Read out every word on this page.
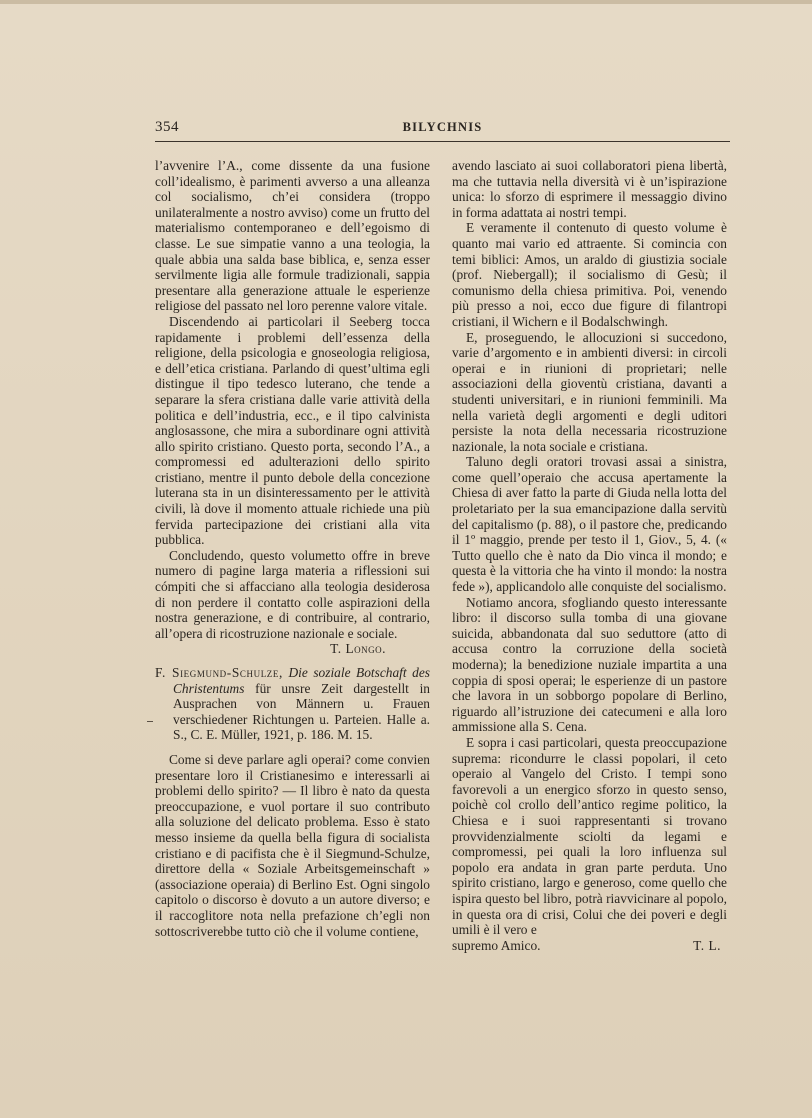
354	BILYCHNIS

l’avvenire l’A., come dissente da una fusione coll’idealismo, è parimenti avverso a una alleanza col socialismo, ch’ei considera (troppo unilateralmente a nostro avviso) come un frutto del materialismo contemporaneo e dell’egoismo di classe. Le sue simpatie vanno a una teologia, la quale abbia una salda base biblica, e, senza esser servilmente ligia alle formule tradizionali, sappia presentare alla generazione attuale le esperienze religiose del passato nel loro perenne valore vitale.

Discendendo ai particolari il Seeberg tocca rapidamente i problemi dell’essenza della religione, della psicologia e gnoseologia religiosa, e dell’etica cristiana. Parlando di quest’ultima egli distingue il tipo tedesco luterano, che tende a separare la sfera cristiana dalle varie attività della politica e dell’industria, ecc., e il tipo calvinista anglosassone, che mira a subordinare ogni attività allo spirito cristiano. Questo porta, secondo l’A., a compromessi ed adulterazioni dello spirito cristiano, mentre il punto debole della concezione luterana sta in un disinteressamento per le attività civili, là dove il momento attuale richiede una più fervida partecipazione dei cristiani alla vita pubblica.

Concludendo, questo volumetto offre in breve numero di pagine larga materia a riflessioni sui cómpiti che si affacciano alla teologia desiderosa di non perdere il contatto colle aspirazioni della nostra generazione, e di contribuire, al contrario, all’opera di ricostruzione nazionale e sociale.

T. Longo.

F. Siegmund-Schulze, Die soziale Botschaft des Christentums für unsre Zeit dargestellt in Ausprachen von Männern u. Frauen verschiedener Richtungen u. Parteien. Halle a. S., C. E. Müller, 1921, p. 186. M. 15.

Come si deve parlare agli operai? come convien presentare loro il Cristianesimo e interessarli ai problemi dello spirito? — Il libro è nato da questa preoccupazione, e vuol portare il suo contributo alla soluzione del delicato problema. Esso è stato messo insieme da quella bella figura di socialista cristiano e di pacifista che è il Siegmund-Schulze, direttore della « Soziale Arbeitsgemeinschaft » (associazione operaia) di Berlino Est. Ogni singolo capitolo o discorso è dovuto a un autore diverso; e il raccoglitore nota nella prefazione ch’egli non sottoscriverebbe tutto ciò che il volume contiene,

avendo lasciato ai suoi collaboratori piena libertà, ma che tuttavia nella diversità vi è un’ispirazione unica: lo sforzo di esprimere il messaggio divino in forma adattata ai nostri tempi.

E veramente il contenuto di questo volume è quanto mai vario ed attraente. Si comincia con temi biblici: Amos, un araldo di giustizia sociale (prof. Niebergall); il socialismo di Gesù; il comunismo della chiesa primitiva. Poi, venendo più presso a noi, ecco due figure di filantropi cristiani, il Wichern e il Bodalschwingh.

E, proseguendo, le allocuzioni si succedono, varie d’argomento e in ambienti diversi: in circoli operai e in riunioni di proprietari; nelle associazioni della gioventù cristiana, davanti a studenti universitari, e in riunioni femminili. Ma nella varietà degli argomenti e degli uditori persiste la nota della necessaria ricostruzione nazionale, la nota sociale e cristiana.

Taluno degli oratori trovasi assai a sinistra, come quell’operaio che accusa apertamente la Chiesa di aver fatto la parte di Giuda nella lotta del proletariato per la sua emancipazione dalla servitù del capitalismo (p. 88), o il pastore che, predicando il 1º maggio, prende per testo il 1, Giov., 5, 4. (« Tutto quello che è nato da Dio vinca il mondo; e questa è la vittoria che ha vinto il mondo: la nostra fede »), applicandolo alle conquiste del socialismo.

Notiamo ancora, sfogliando questo interessante libro: il discorso sulla tomba di una giovane suicida, abbandonata dal suo seduttore (atto di accusa contro la corruzione della società moderna); la benedizione nuziale impartita a una coppia di sposi operai; le esperienze di un pastore che lavora in un sobborgo popolare di Berlino, riguardo all’istruzione dei catecumeni e alla loro ammissione alla S. Cena.

E sopra i casi particolari, questa preoccupazione suprema: ricondurre le classi popolari, il ceto operaio al Vangelo del Cristo. I tempi sono favorevoli a un energico sforzo in questo senso, poichè col crollo dell’antico regime politico, la Chiesa e i suoi rappresentanti si trovano provvidenzialmente sciolti da legami e compromessi, pei quali la loro influenza sul popolo era andata in gran parte perduta. Uno spirito cristiano, largo e generoso, come quello che ispira questo bel libro, potrà riavvicinare al popolo, in questa ora di crisi, Colui che dei poveri e degli umili è il vero e

supremo Amico.	T. L.
